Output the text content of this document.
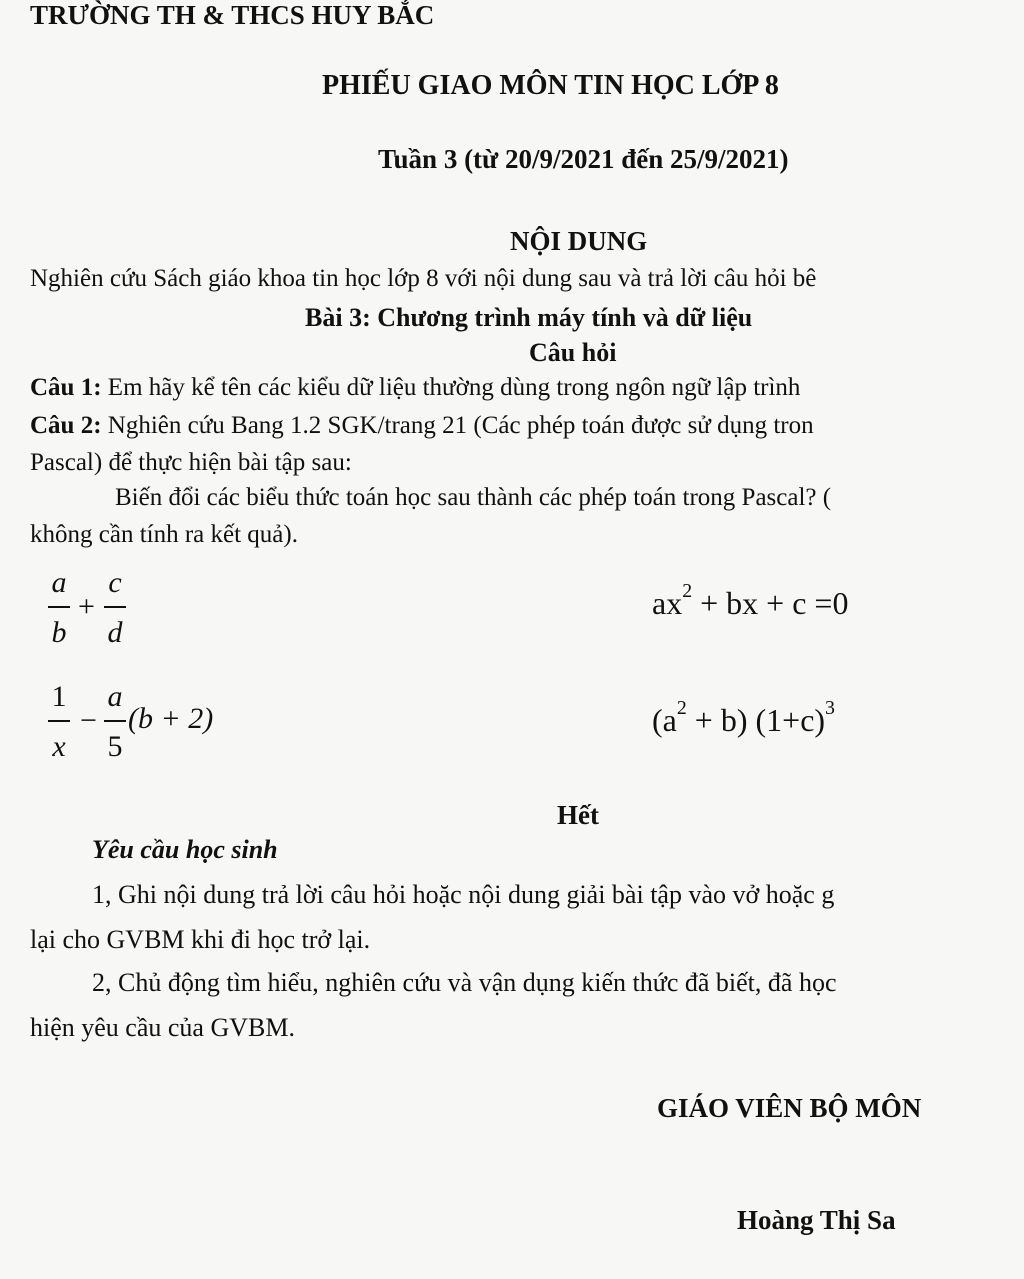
TRƯỜNG TH & THCS HUY BẮC
PHIẾU GIAO MÔN TIN HỌC LỚP 8
Tuần 3 (từ 20/9/2021 đến 25/9/2021)
NỘI DUNG
Nghiên cứu Sách giáo khoa tin học lớp 8 với nội dung sau và trả lời câu hỏi bê
Bài 3: Chương trình máy tính và dữ liệu
Câu hỏi
Câu 1: Em hãy kể tên các kiểu dữ liệu thường dùng trong ngôn ngữ lập trình
Câu 2: Nghiên cứu Bang 1.2 SGK/trang 21 (Các phép toán được sử dụng tron
Pascal) để thực hiện bài tập sau:
Biến đổi các biểu thức toán học sau thành các phép toán trong Pascal? (
không cần tính ra kết quả).
a
b
+
c
d
$ax^2$ + bx + c =0
1
x
−
a
5
(b + 2)	$(a^2 + b)$ $(1+c)^3$
Hết
Yêu cầu học sinh
1, Ghi nội dung trả lời câu hỏi hoặc nội dung giải bài tập vào vở hoặc g
lại cho GVBM khi đi học trở lại.
2, Chủ động tìm hiểu, nghiên cứu và vận dụng kiến thức đã biết, đã học
hiện yêu cầu của GVBM.
GIÁO VIÊN BỘ MÔN
Hoàng Thị Sa
